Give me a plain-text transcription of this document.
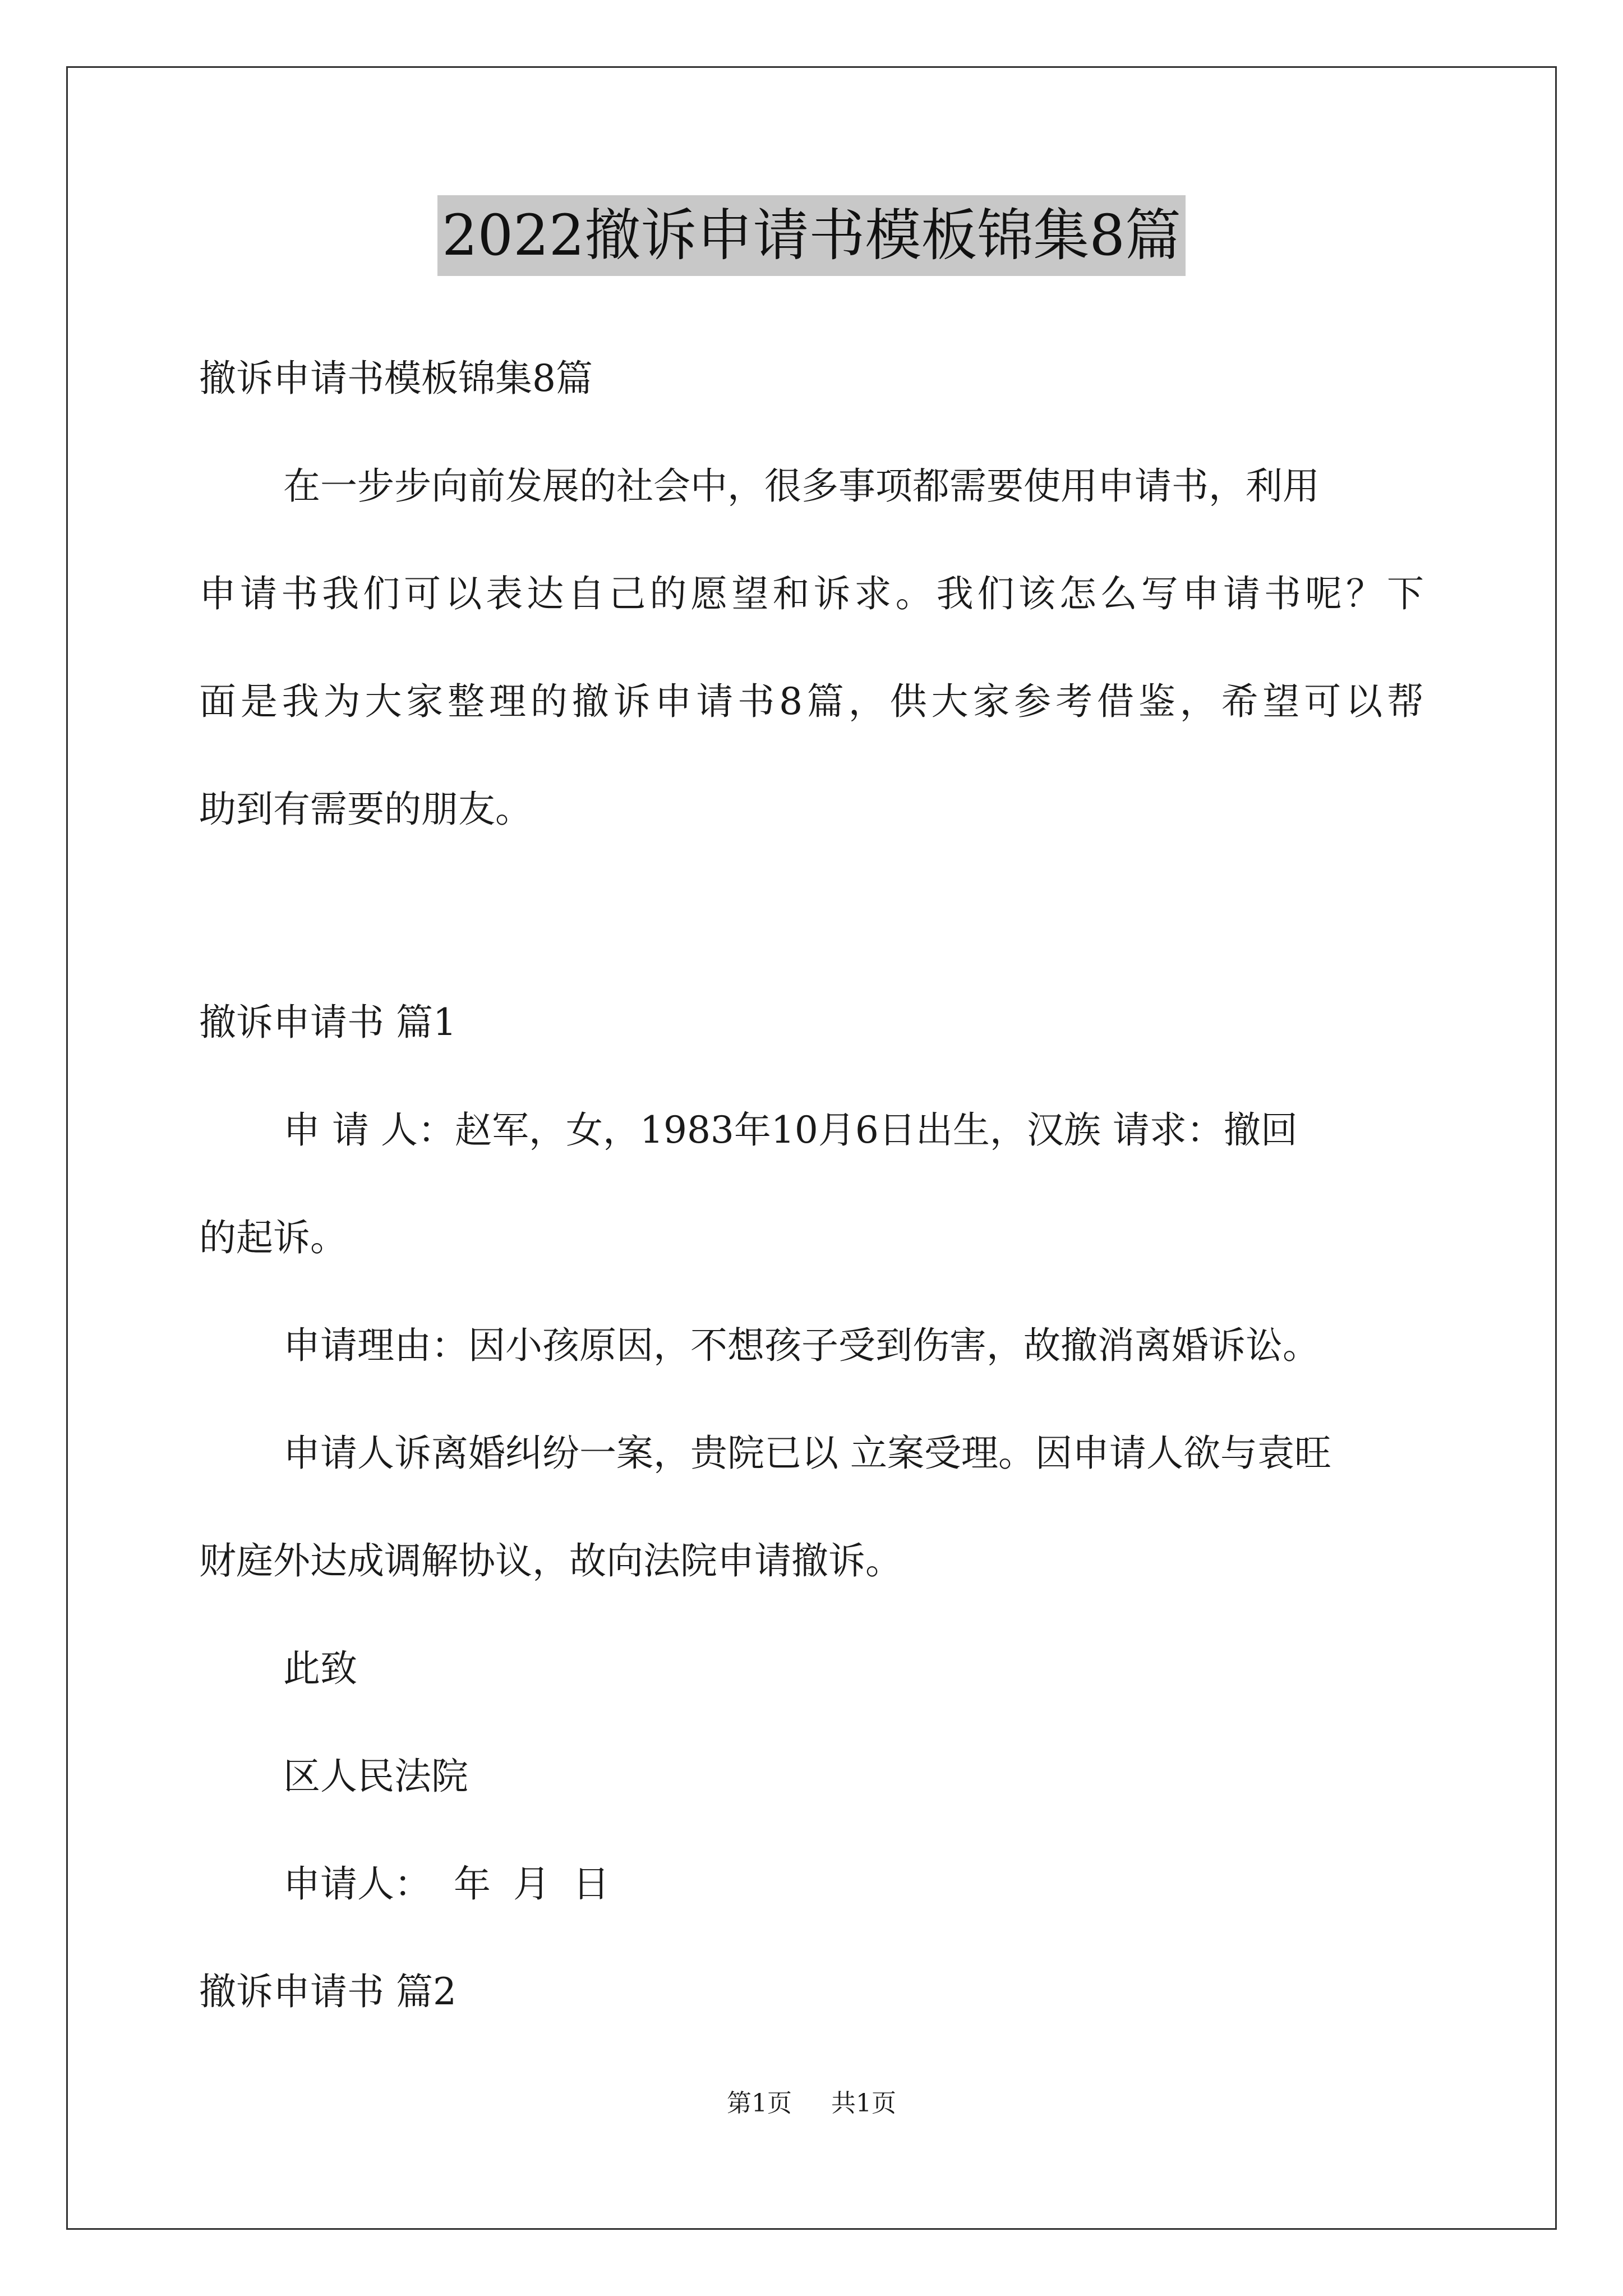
2022撤诉申请书模板锦集8篇
撤诉申请书模板锦集8篇
在一步步向前发展的社会中，很多事项都需要使用申请书，利用
申请书我们可以表达自己的愿望和诉求。我们该怎么写申请书呢？下
面是我为大家整理的撤诉申请书8篇，供大家参考借鉴，希望可以帮
助到有需要的朋友。
撤诉申请书 篇1
申 请 人：赵军，女，1983年10月6日出生，汉族 请求：撤回
的起诉。
申请理由：因小孩原因，不想孩子受到伤害，故撤消离婚诉讼。
申请人诉离婚纠纷一案，贵院已以 立案受理。因申请人欲与袁旺
财庭外达成调解协议，故向法院申请撤诉。
此致
区人民法院
申请人： 年 月 日
撤诉申请书 篇2
第1页 共1页
